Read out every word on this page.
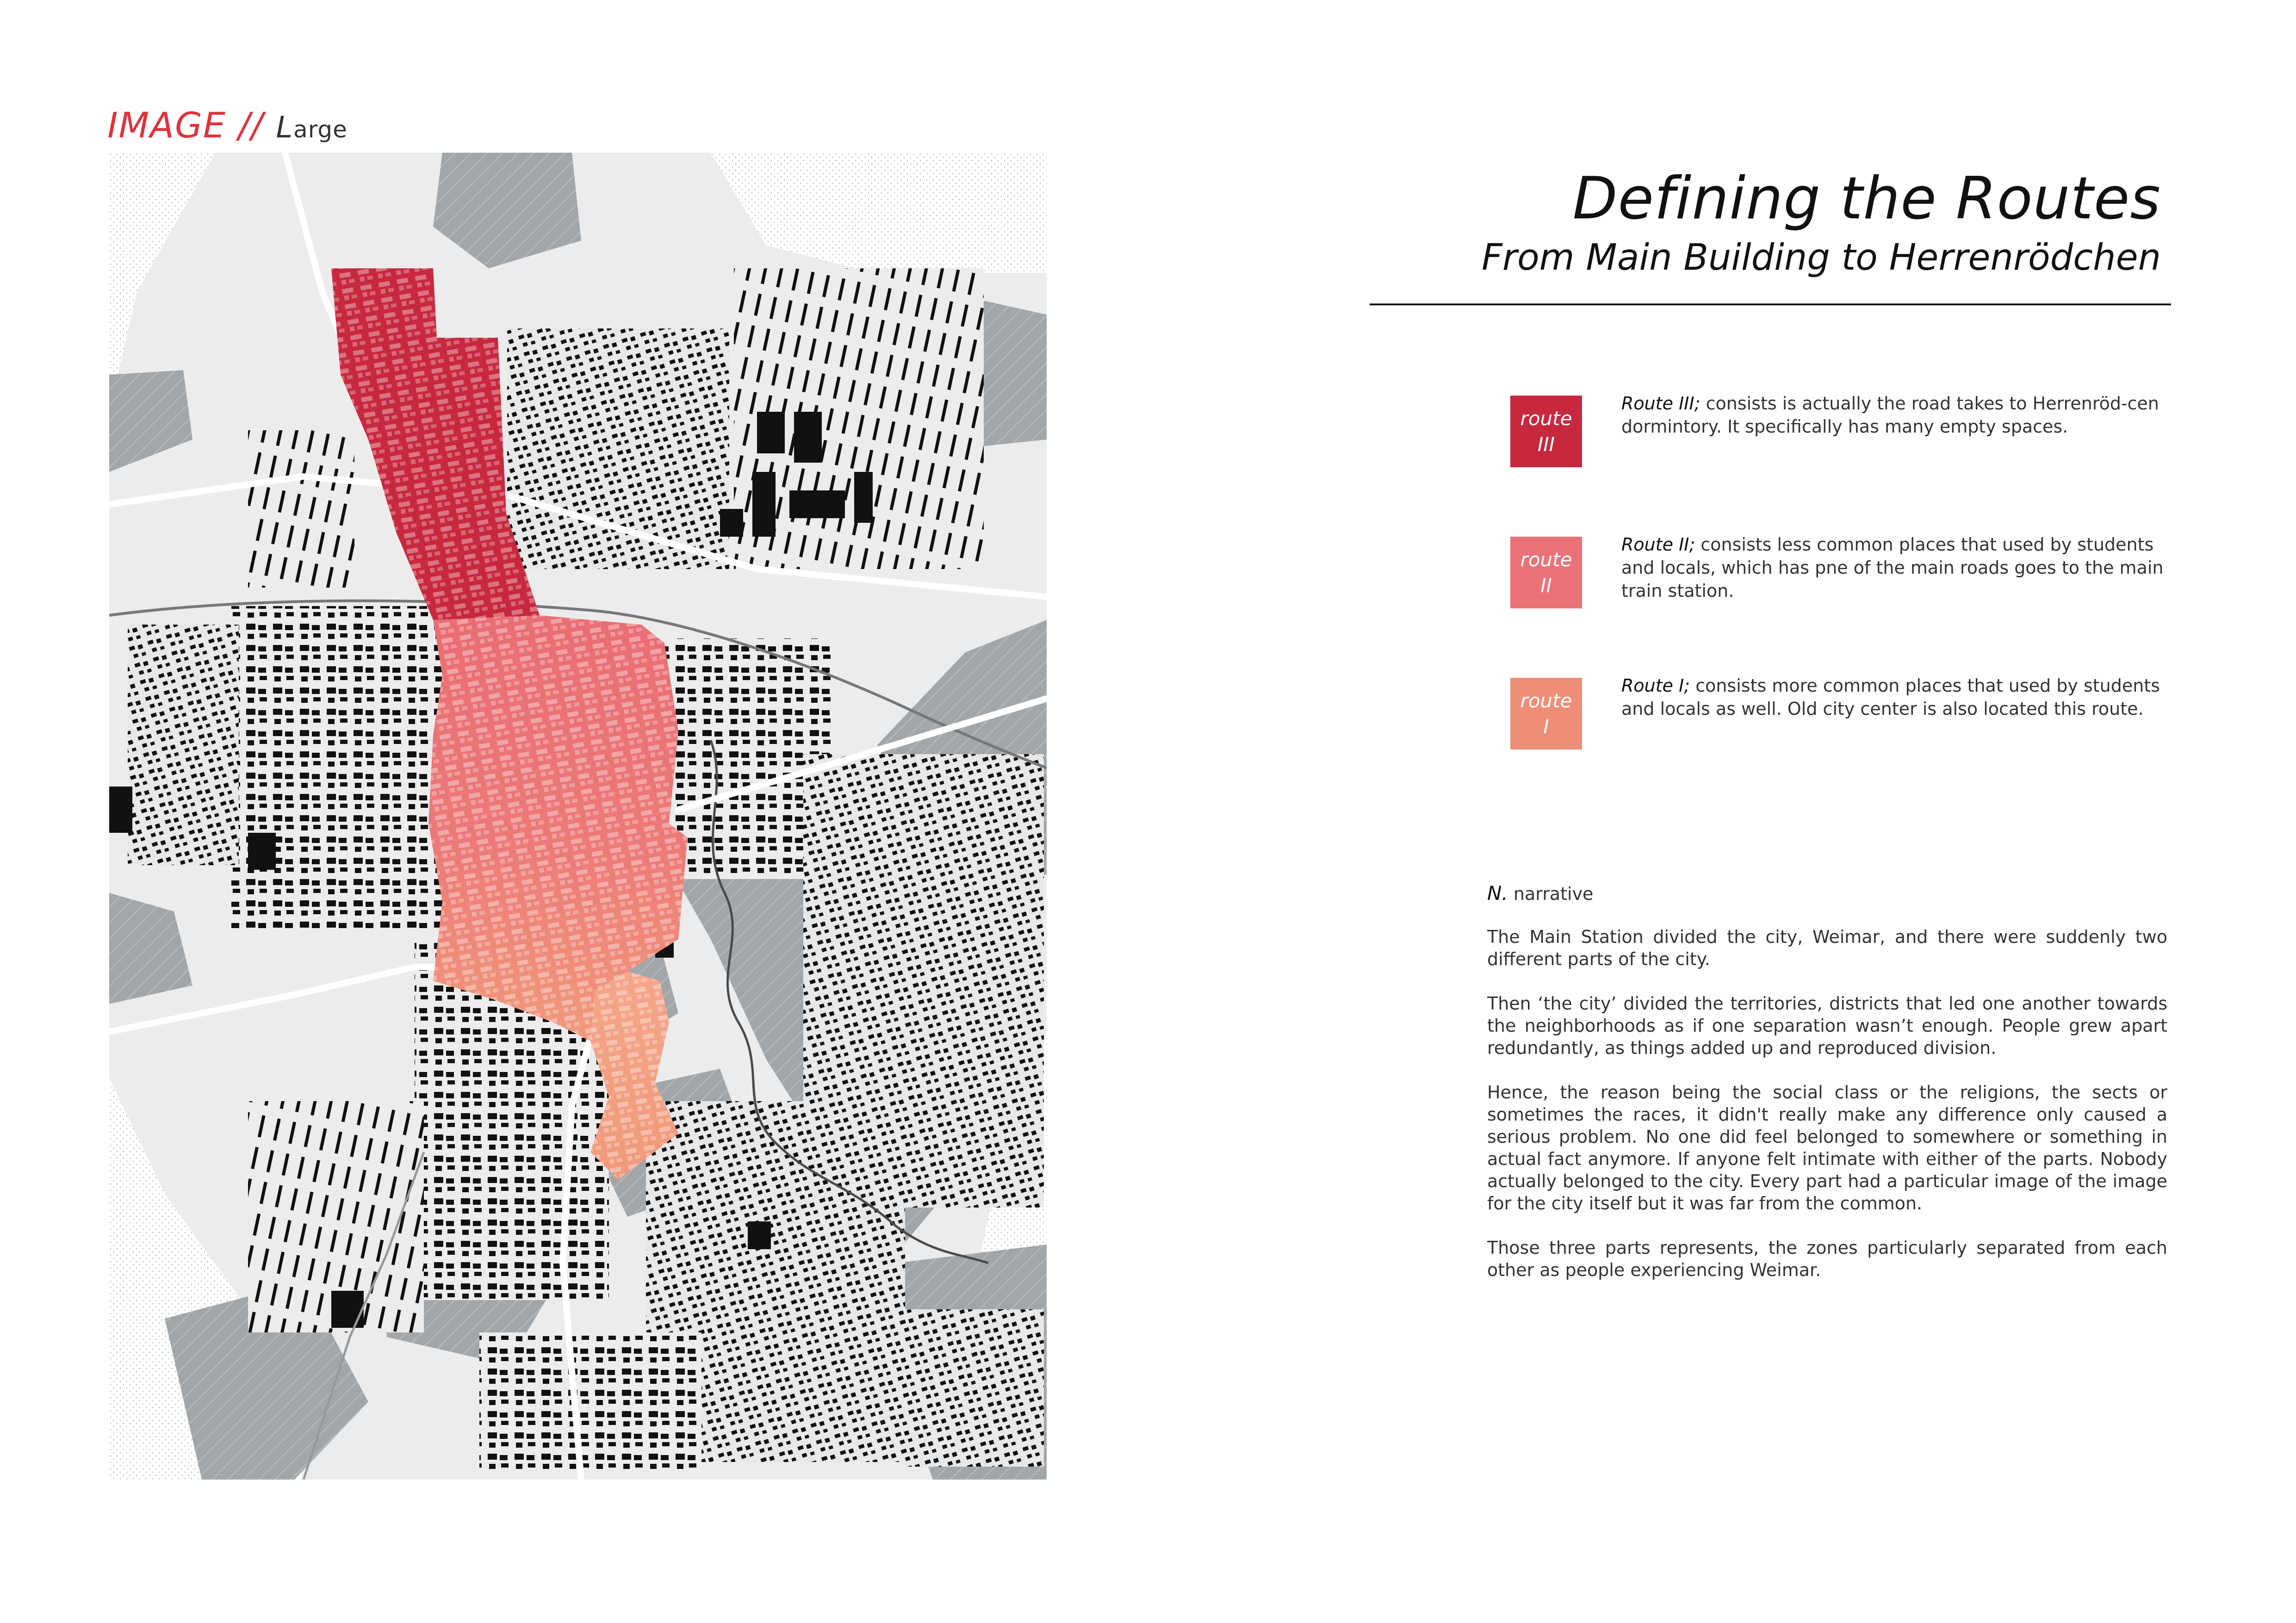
IMAGE // Large
Defining the Routes
From Main Building to Herrenrödchen
route
III
Route III; consists is actually the road takes to Herrenröd-cen dormintory. It specifically has many empty spaces.
route
II
Route II; consists less common places that used by students and locals, which has pne of the main roads goes to the main train station.
route
I
Route I; consists more common places that used by students and locals as well. Old city center is also located this route.
N. narrative

The Main Station divided the city, Weimar, and there were suddenly two different parts of the city.

Then ‘the city’ divided the territories, districts that led one another towards the neighborhoods as if one separation wasn’t enough. People grew apart redundantly, as things added up and reproduced division.

Hence, the reason being the social class or the religions, the sects or sometimes the races, it didn't really make any difference only caused a serious problem. No one did feel belonged to somewhere or something in actual fact anymore. If anyone felt intimate with either of the parts. Nobody actually belonged to the city. Every part had a particular image of the image for the city itself but it was far from the common.

Those three parts represents, the zones particularly separated from each other as people experiencing Weimar.
